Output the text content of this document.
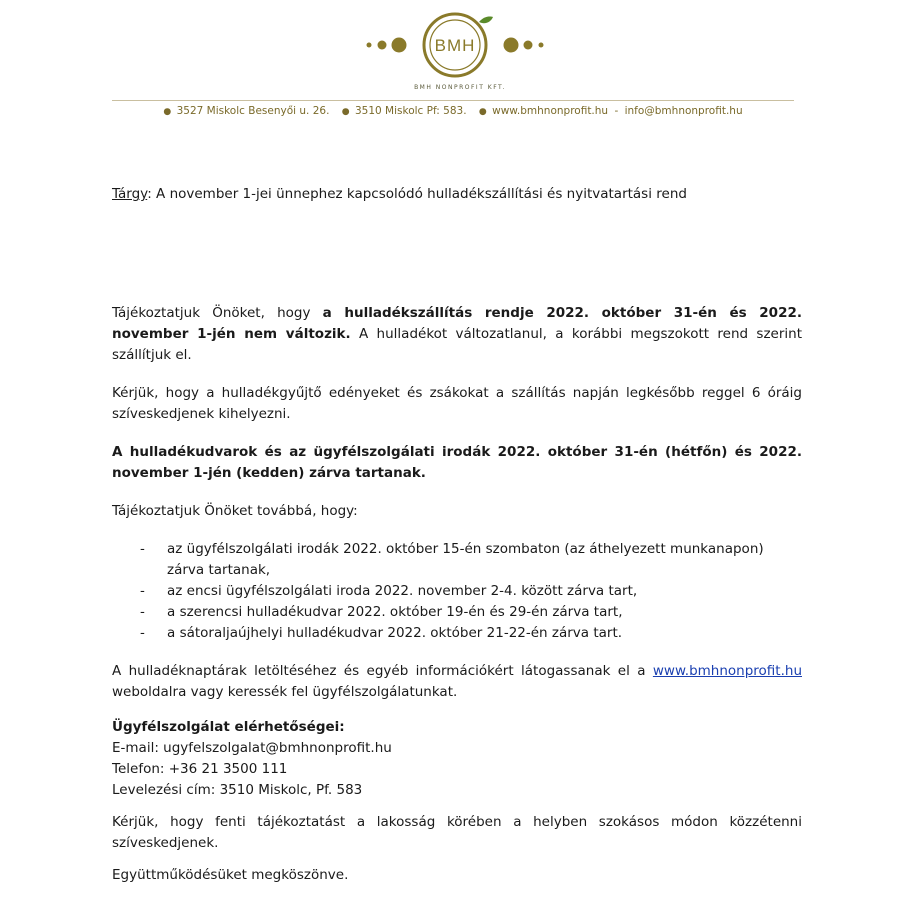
BMH
BMH NONPROFIT KFT.
● 3527 Miskolc Besenyői u. 26. ● 3510 Miskolc Pf: 583. ● www.bmhnonprofit.hu - info@bmhnonprofit.hu
Tárgy: A november 1-jei ünnephez kapcsolódó hulladékszállítási és nyitvatartási rend

Tájékoztatjuk Önöket, hogy a hulladékszállítás rendje 2022. október 31-én és 2022. november 1-jén nem változik. A hulladékot változatlanul, a korábbi megszokott rend szerint szállítjuk el.

Kérjük, hogy a hulladékgyűjtő edényeket és zsákokat a szállítás napján legkésőbb reggel 6 óráig szíveskedjenek kihelyezni.

A hulladékudvarok és az ügyfélszolgálati irodák 2022. október 31-én (hétfőn) és 2022. november 1-jén (kedden) zárva tartanak.

Tájékoztatjuk Önöket továbbá, hogy:

- az ügyfélszolgálati irodák 2022. október 15-én szombaton (az áthelyezett munkanapon) zárva tartanak,
- az encsi ügyfélszolgálati iroda 2022. november 2-4. között zárva tart,
- a szerencsi hulladékudvar 2022. október 19-én és 29-én zárva tart,
- a sátoraljaújhelyi hulladékudvar 2022. október 21-22-én zárva tart.

A hulladéknaptárak letöltéséhez és egyéb információkért látogassanak el a www.bmhnonprofit.hu weboldalra vagy keressék fel ügyfélszolgálatunkat.

Ügyfélszolgálat elérhetőségei:

E-mail: ugyfelszolgalat@bmhnonprofit.hu

Telefon: +36 21 3500 111

Levelezési cím: 3510 Miskolc, Pf. 583

Kérjük, hogy fenti tájékoztatást a lakosság körében a helyben szokásos módon közzétenni szíveskedjenek.

Együttműködésüket megköszönve.
